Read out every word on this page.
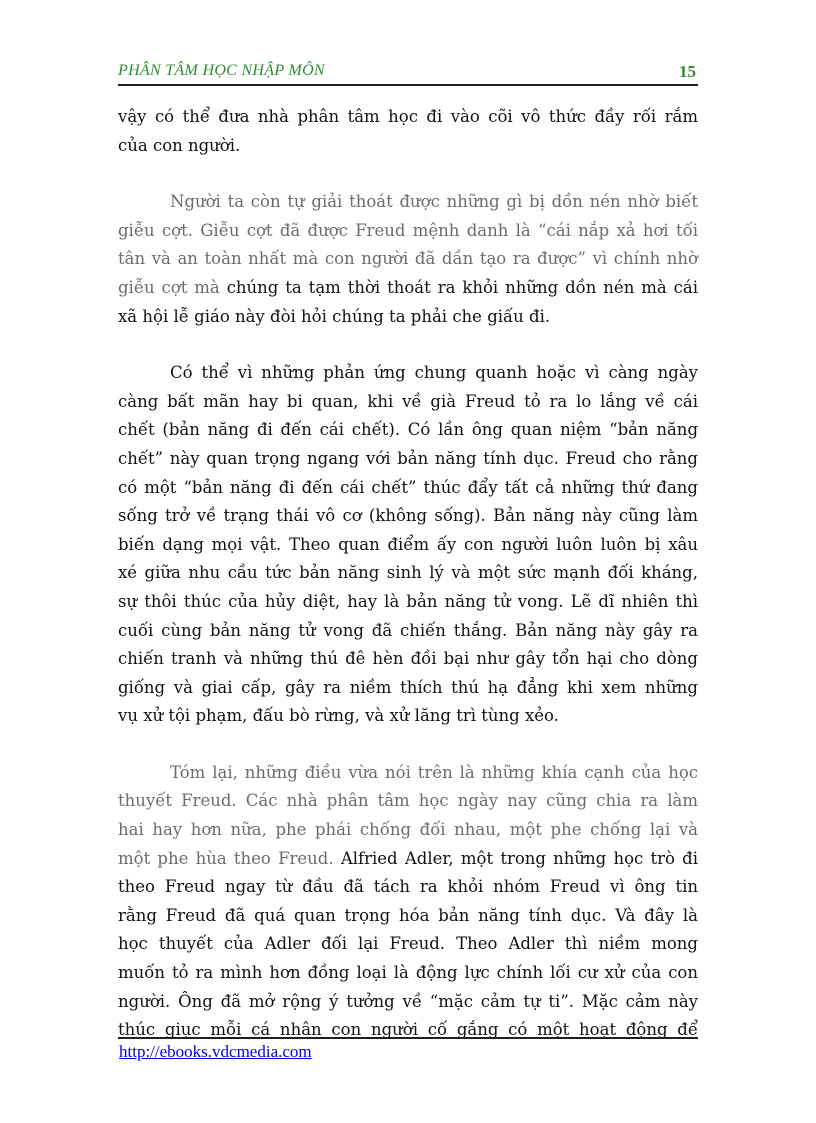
PHÂN TÂM HỌC NHẬP MÔN	15

vậy có thể đưa nhà phân tâm học đi vào cõi vô thức đầy rối rắm
của con người.

Người ta còn tự giải thoát được những gì bị dồn nén nhờ biết
giễu cợt. Giễu cợt đã được Freud mệnh danh là “cái nắp xả hơi tối
tân và an toàn nhất mà con người đã dần tạo ra được” vì chính nhờ
giễu cợt mà chúng ta tạm thời thoát ra khỏi những dồn nén mà cái
xã hội lễ giáo này đòi hỏi chúng ta phải che giấu đi.

Có thể vì những phản ứng chung quanh hoặc vì càng ngày
càng bất mãn hay bi quan, khi về già Freud tỏ ra lo lắng về cái
chết (bản năng đi đến cái chết). Có lần ông quan niệm “bản năng
chết” này quan trọng ngang với bản năng tính dục. Freud cho rằng
có một “bản năng đi đến cái chết” thúc đẩy tất cả những thứ đang
sống trở về trạng thái vô cơ (không sống). Bản năng này cũng làm
biến dạng mọi vật. Theo quan điểm ấy con người luôn luôn bị xâu
xé giữa nhu cầu tức bản năng sinh lý và một sức mạnh đối kháng,
sự thôi thúc của hủy diệt, hay là bản năng tử vong. Lẽ dĩ nhiên thì
cuối cùng bản năng tử vong đã chiến thắng. Bản năng này gây ra
chiến tranh và những thú đê hèn đồi bại như gây tổn hại cho dòng
giống và giai cấp, gây ra niềm thích thú hạ đẳng khi xem những
vụ xử tội phạm, đấu bò rừng, và xử lăng trì tùng xẻo.

Tóm lại, những điều vừa nói trên là những khía cạnh của học
thuyết Freud. Các nhà phân tâm học ngày nay cũng chia ra làm
hai hay hơn nữa, phe phái chống đối nhau, một phe chống lại và
một phe hùa theo Freud. Alfried Adler, một trong những học trò đi
theo Freud ngay từ đầu đã tách ra khỏi nhóm Freud vì ông tin
rằng Freud đã quá quan trọng hóa bản năng tính dục. Và đây là
học thuyết của Adler đối lại Freud. Theo Adler thì niềm mong
muốn tỏ ra mình hơn đồng loại là động lực chính lối cư xử của con
người. Ông đã mở rộng ý tưởng về “mặc cảm tự ti”. Mặc cảm này
thúc giục mỗi cá nhân con người cố gắng có một hoạt động để

http://ebooks.vdcmedia.com
